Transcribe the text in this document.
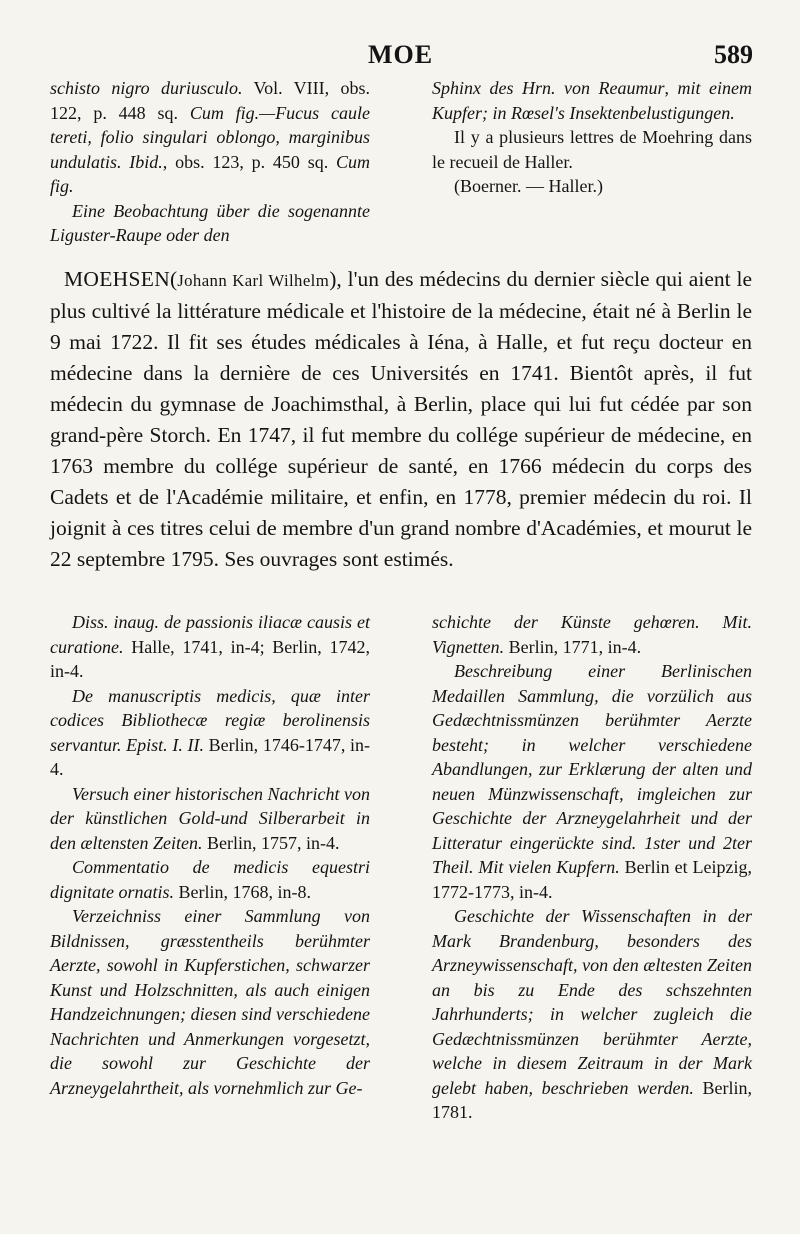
MOE	589

schisto nigro duriusculo. Vol. VIII, obs. 122, p. 448 sq. Cum fig.—Fucus caule tereti, folio singulari oblongo, marginibus undulatis. Ibid., obs. 123, p. 450 sq. Cum fig.

Eine Beobachtung über die sogenannte Liguster-Raupe oder den

Sphinx des Hrn. von Reaumur, mit einem Kupfer; in Rœsel's Insektenbelustigungen.

Il y a plusieurs lettres de Moehring dans le recueil de Haller.

(Boerner. — Haller.)

MOEHSEN(Johann Karl Wilhelm), l'un des médecins du dernier siècle qui aient le plus cultivé la littérature médicale et l'histoire de la médecine, était né à Berlin le 9 mai 1722. Il fit ses études médicales à Iéna, à Halle, et fut reçu docteur en médecine dans la dernière de ces Universités en 1741. Bientôt après, il fut médecin du gymnase de Joachimsthal, à Berlin, place qui lui fut cédée par son grand-père Storch. En 1747, il fut membre du collége supérieur de médecine, en 1763 membre du collége supérieur de santé, en 1766 médecin du corps des Cadets et de l'Académie militaire, et enfin, en 1778, premier médecin du roi. Il joignit à ces titres celui de membre d'un grand nombre d'Académies, et mourut le 22 septembre 1795. Ses ouvrages sont estimés.

Diss. inaug. de passionis iliacæ causis et curatione. Halle, 1741, in-4; Berlin, 1742, in-4.

De manuscriptis medicis, quæ inter codices Bibliothecæ regiæ berolinensis servantur. Epist. I. II. Berlin, 1746-1747, in-4.

Versuch einer historischen Nachricht von der künstlichen Gold-und Silberarbeit in den æltensten Zeiten. Berlin, 1757, in-4.

Commentatio de medicis equestri dignitate ornatis. Berlin, 1768, in-8.

Verzeichniss einer Sammlung von Bildnissen, græsstentheils berühmter Aerzte, sowohl in Kupferstichen, schwarzer Kunst und Holzschnitten, als auch einigen Handzeichnungen; diesen sind verschiedene Nachrichten und Anmerkungen vorgesetzt, die sowohl zur Geschichte der Arzneygelahrtheit, als vornehmlich zur Ge-

schichte der Künste gehœren. Mit. Vignetten. Berlin, 1771, in-4.

Beschreibung einer Berlinischen Medaillen Sammlung, die vorzülich aus Gedæchtnissmünzen berühmter Aerzte besteht; in welcher verschiedene Abandlungen, zur Erklærung der alten und neuen Münzwissenschaft, imgleichen zur Geschichte der Arzneygelahrheit und der Litteratur eingerückte sind. 1ster und 2ter Theil. Mit vielen Kupfern. Berlin et Leipzig, 1772-1773, in-4.

Geschichte der Wissenschaften in der Mark Brandenburg, besonders des Arzneywissenschaft, von den æltesten Zeiten an bis zu Ende des schszehnten Jahrhunderts; in welcher zugleich die Gedæchtnissmünzen berühmter Aerzte, welche in diesem Zeitraum in der Mark gelebt haben, beschrieben werden. Berlin, 1781.
